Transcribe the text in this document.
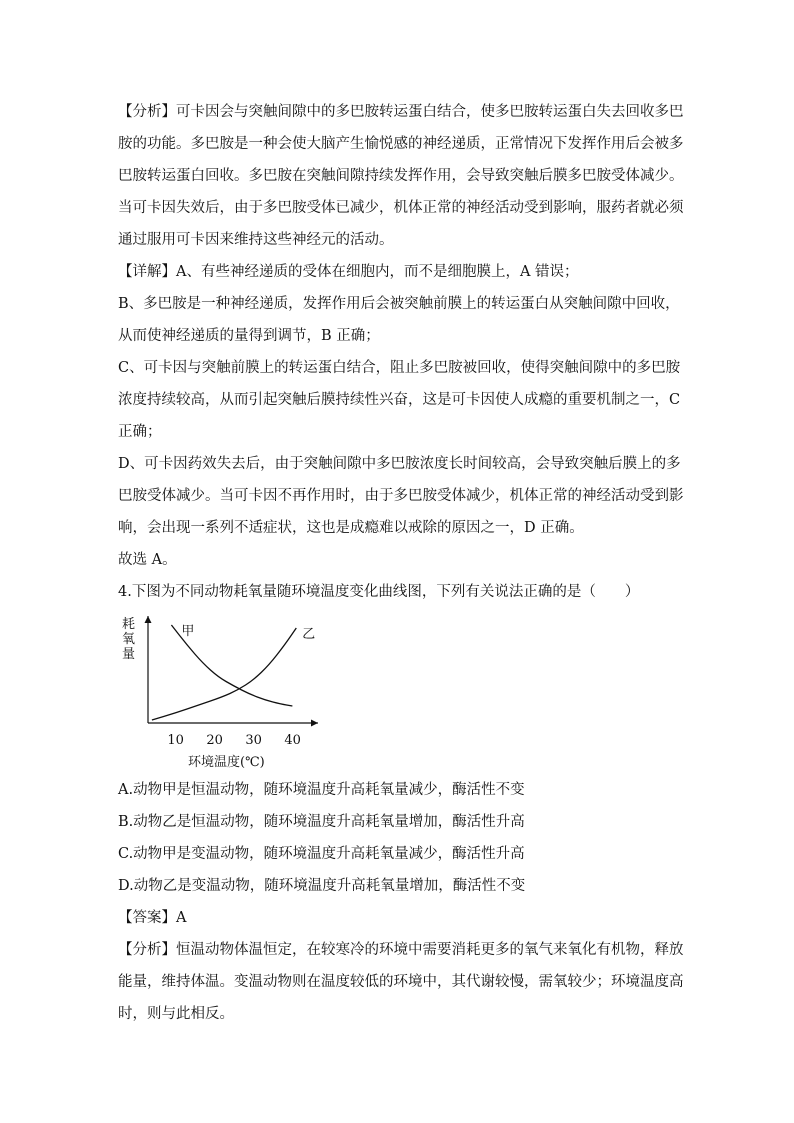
【分析】可卡因会与突触间隙中的多巴胺转运蛋白结合，使多巴胺转运蛋白失去回收多巴

胺的功能。多巴胺是一种会使大脑产生愉悦感的神经递质，正常情况下发挥作用后会被多

巴胺转运蛋白回收。多巴胺在突触间隙持续发挥作用，会导致突触后膜多巴胺受体减少。

当可卡因失效后，由于多巴胺受体已减少，机体正常的神经活动受到影响，服药者就必须

通过服用可卡因来维持这些神经元的活动。

【详解】A、有些神经递质的受体在细胞内，而不是细胞膜上，A 错误；

B、多巴胺是一种神经递质，发挥作用后会被突触前膜上的转运蛋白从突触间隙中回收，

从而使神经递质的量得到调节，B 正确；

C、可卡因与突触前膜上的转运蛋白结合，阻止多巴胺被回收，使得突触间隙中的多巴胺

浓度持续较高，从而引起突触后膜持续性兴奋，这是可卡因使人成瘾的重要机制之一，C

正确；

D、可卡因药效失去后，由于突触间隙中多巴胺浓度长时间较高，会导致突触后膜上的多

巴胺受体减少。当可卡因不再作用时，由于多巴胺受体减少，机体正常的神经活动受到影

响，会出现一系列不适症状，这也是成瘾难以戒除的原因之一，D 正确。

故选 A。

4.下图为不同动物耗氧量随环境温度变化曲线图，下列有关说法正确的是（　　）

耗
氧
量
10 20 30 40
甲	乙
环境温度(℃)

A.动物甲是恒温动物，随环境温度升高耗氧量减少，酶活性不变

B.动物乙是恒温动物，随环境温度升高耗氧量增加，酶活性升高

C.动物甲是变温动物，随环境温度升高耗氧量减少，酶活性升高

D.动物乙是变温动物，随环境温度升高耗氧量增加，酶活性不变

【答案】A

【分析】恒温动物体温恒定，在较寒冷的环境中需要消耗更多的氧气来氧化有机物，释放

能量，维持体温。变温动物则在温度较低的环境中，其代谢较慢，需氧较少；环境温度高

时，则与此相反。
